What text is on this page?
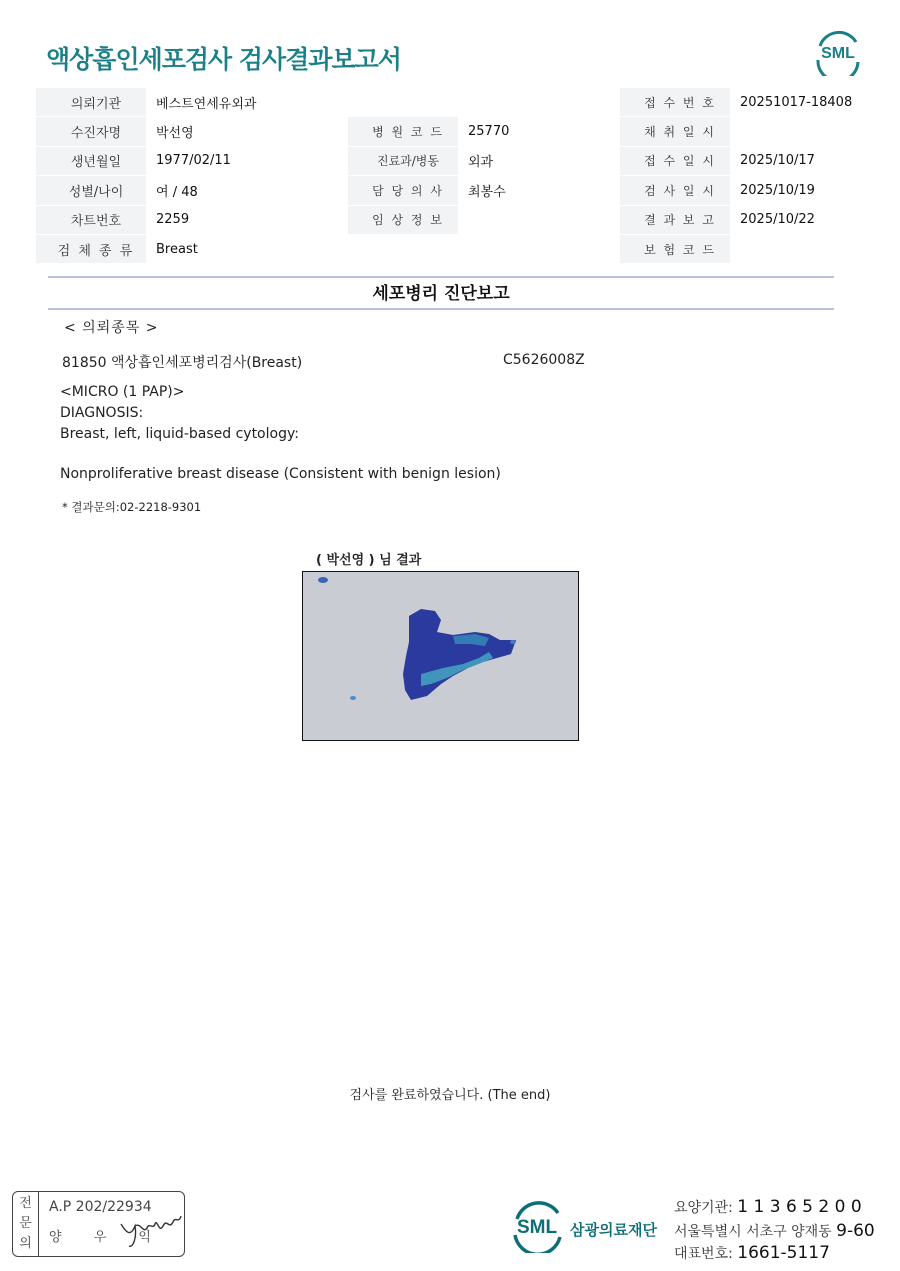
액상흡인세포검사 검사결과보고서	SML
의뢰기관	베스트연세유외과			접 수 번 호	20251017-18408
수진자명	박선영	병 원 코 드	25770	채 취 일 시	
생년월일	1977/02/11	진료과/병동	외과	접 수 일 시	2025/10/17
성별/나이	여 / 48	담 당 의 사	최봉수	검 사 일 시	2025/10/19
차트번호	2259	임 상 정 보		결 과 보 고	2025/10/22
검 체 종 류	Breast			보 험 코 드	
세포병리 진단보고
< 의뢰종목 >
81850 액상흡인세포병리검사(Breast)	C5626008Z
<MICRO (1 PAP)>
DIAGNOSIS:
Breast, left, liquid-based cytology:
Nonproliferative breast disease (Consistent with benign lesion)
* 결과문의:02-2218-9301
( 박선영 ) 님 결과
검사를 완료하였습니다. (The end)
전
문
의
A.P 202/22934
양 우 익	SML 삼광의료재단
요양기관: 1 1 3 6 5 2 0 0
서울특별시 서초구 양재동 9-60
대표번호: 1661-5117
